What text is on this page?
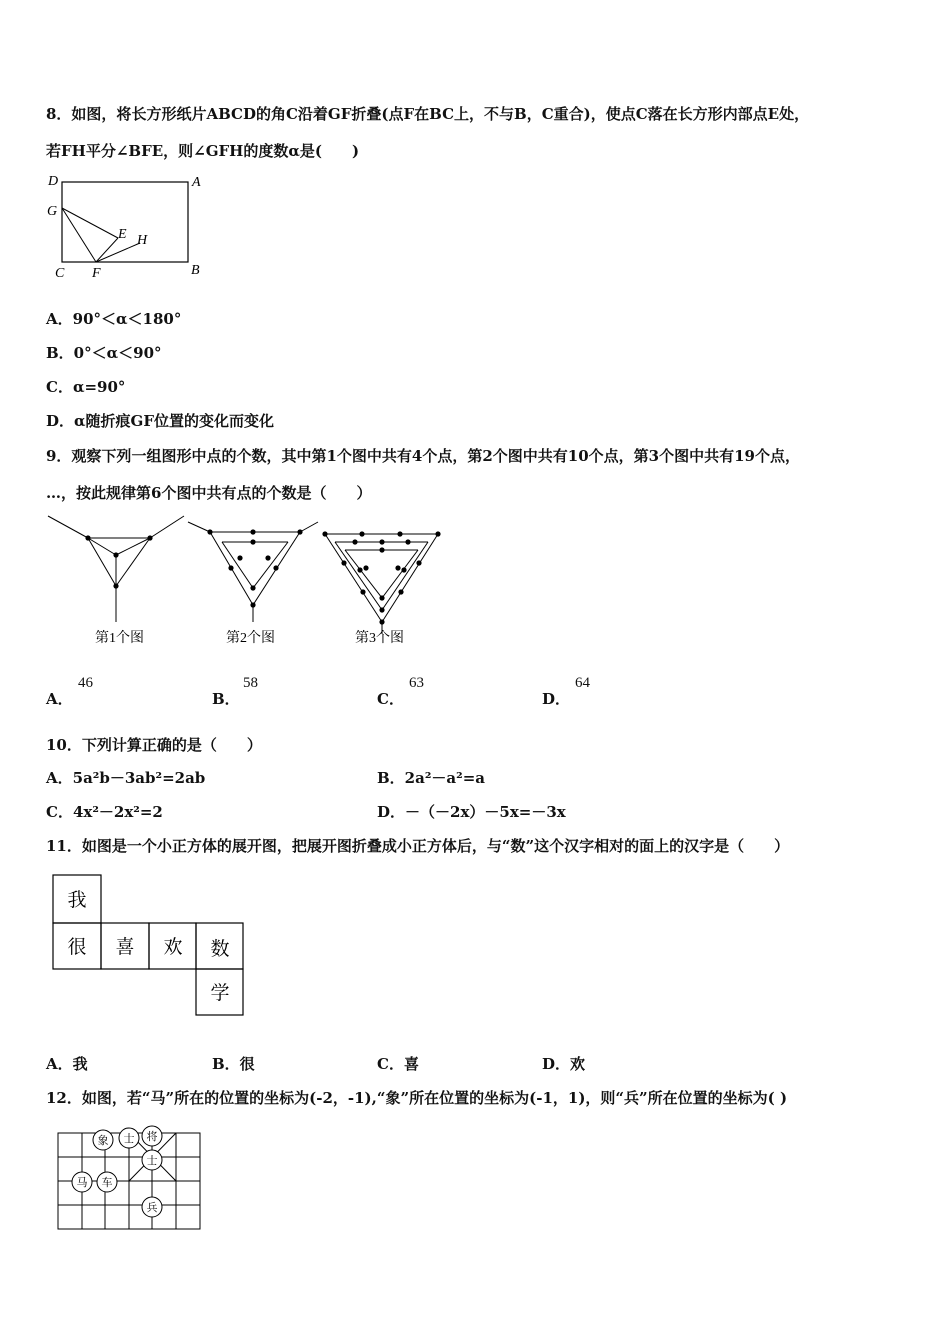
8．如图，将长方形纸片ABCD的角C沿着GF折叠(点F在BC上，不与B，C重合)，使点C落在长方形内部点E处，
若FH平分∠BFE，则∠GFH的度数α是(　　)
D	A
G
E H
C F	B
A．90°＜α＜180°
B．0°＜α＜90°
C．α=90°
D．α随折痕GF位置的变化而变化
9．观察下列一组图形中点的个数，其中第1个图中共有4个点，第2个图中共有10个点，第3个图中共有19个点，
…，按此规律第6个图中共有点的个数是（　　）
第1个图	第2个图	第3个图
A．
46
B．
58
C．
63
D．
64
10．下列计算正确的是（　　）
A．5a²b－3ab²=2ab	B．2a²－a²=a
C．4x²－2x²=2	D．－（－2x）－5x=－3x
11．如图是一个小正方体的展开图，把展开图折叠成小正方体后，与“数”这个汉字相对的面上的汉字是（　　）
我
很 喜 欢 数
学
A．我	B．很	C．喜	D．欢
12．如图，若“马”所在的位置的坐标为(-2，-1),“象”所在位置的坐标为(-1，1)，则“兵”所在位置的坐标为( )
象 士 将
士
马 车
兵
